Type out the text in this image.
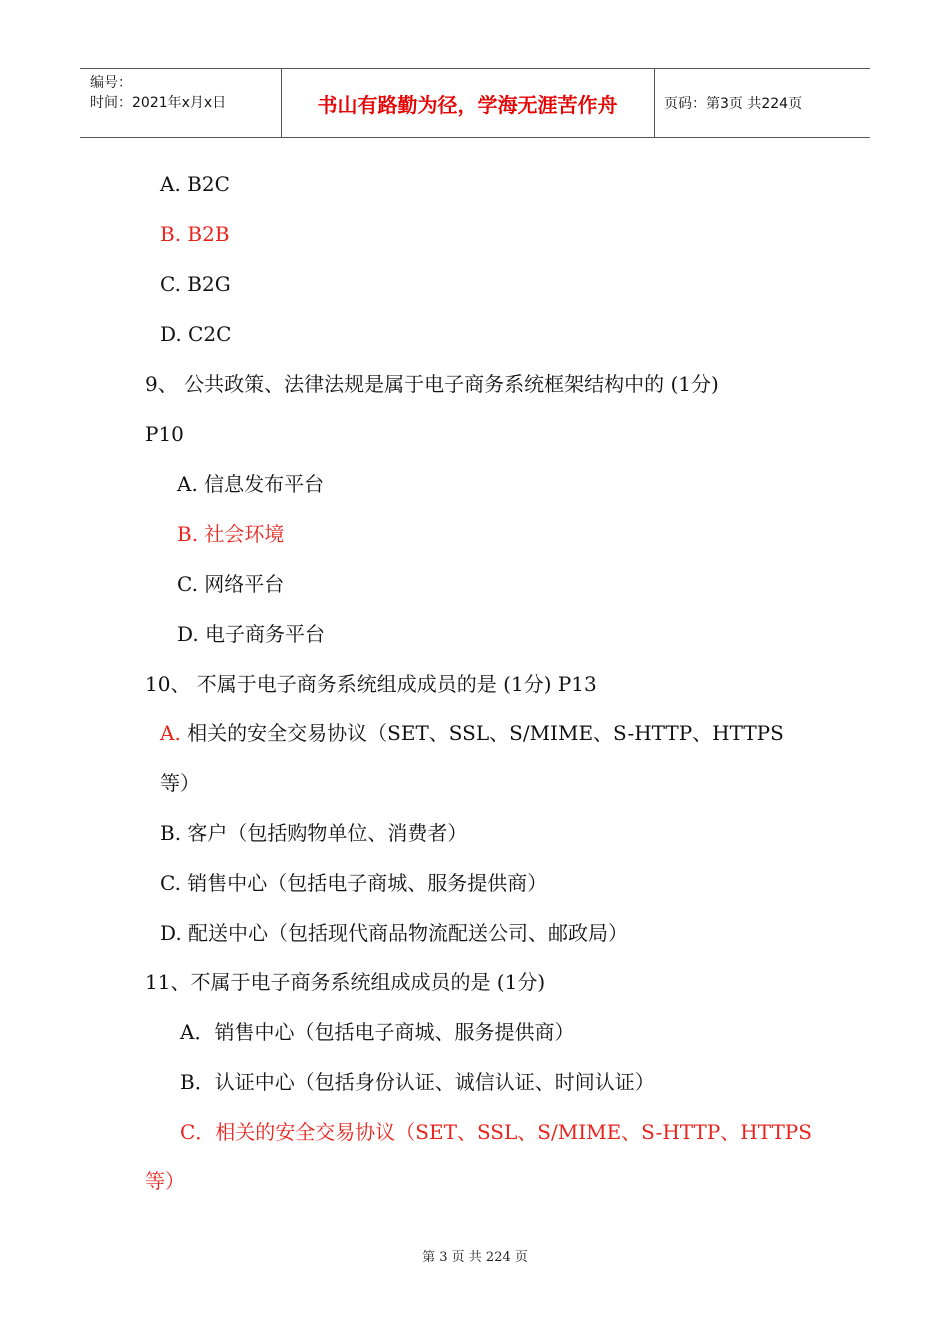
编号：
时间：2021年x月x日	书山有路勤为径，学海无涯苦作舟	页码：第3页 共224页
A. B2C
B. B2B
C. B2G
D. C2C
9、 公共政策、法律法规是属于电子商务系统框架结构中的 (1分)
P10
A. 信息发布平台
B. 社会环境
C. 网络平台
D. 电子商务平台
10、 不属于电子商务系统组成成员的是 (1分) P13
A. 相关的安全交易协议（SET、SSL、S/MIME、S-HTTP、HTTPS
等）
B. 客户（包括购物单位、消费者）
C. 销售中心（包括电子商城、服务提供商）
D. 配送中心（包括现代商品物流配送公司、邮政局）
11、不属于电子商务系统组成成员的是 (1分)
A．销售中心（包括电子商城、服务提供商）
B．认证中心（包括身份认证、诚信认证、时间认证）
C．相关的安全交易协议（SET、SSL、S/MIME、S-HTTP、HTTPS
等）
第 3 页 共 224 页
